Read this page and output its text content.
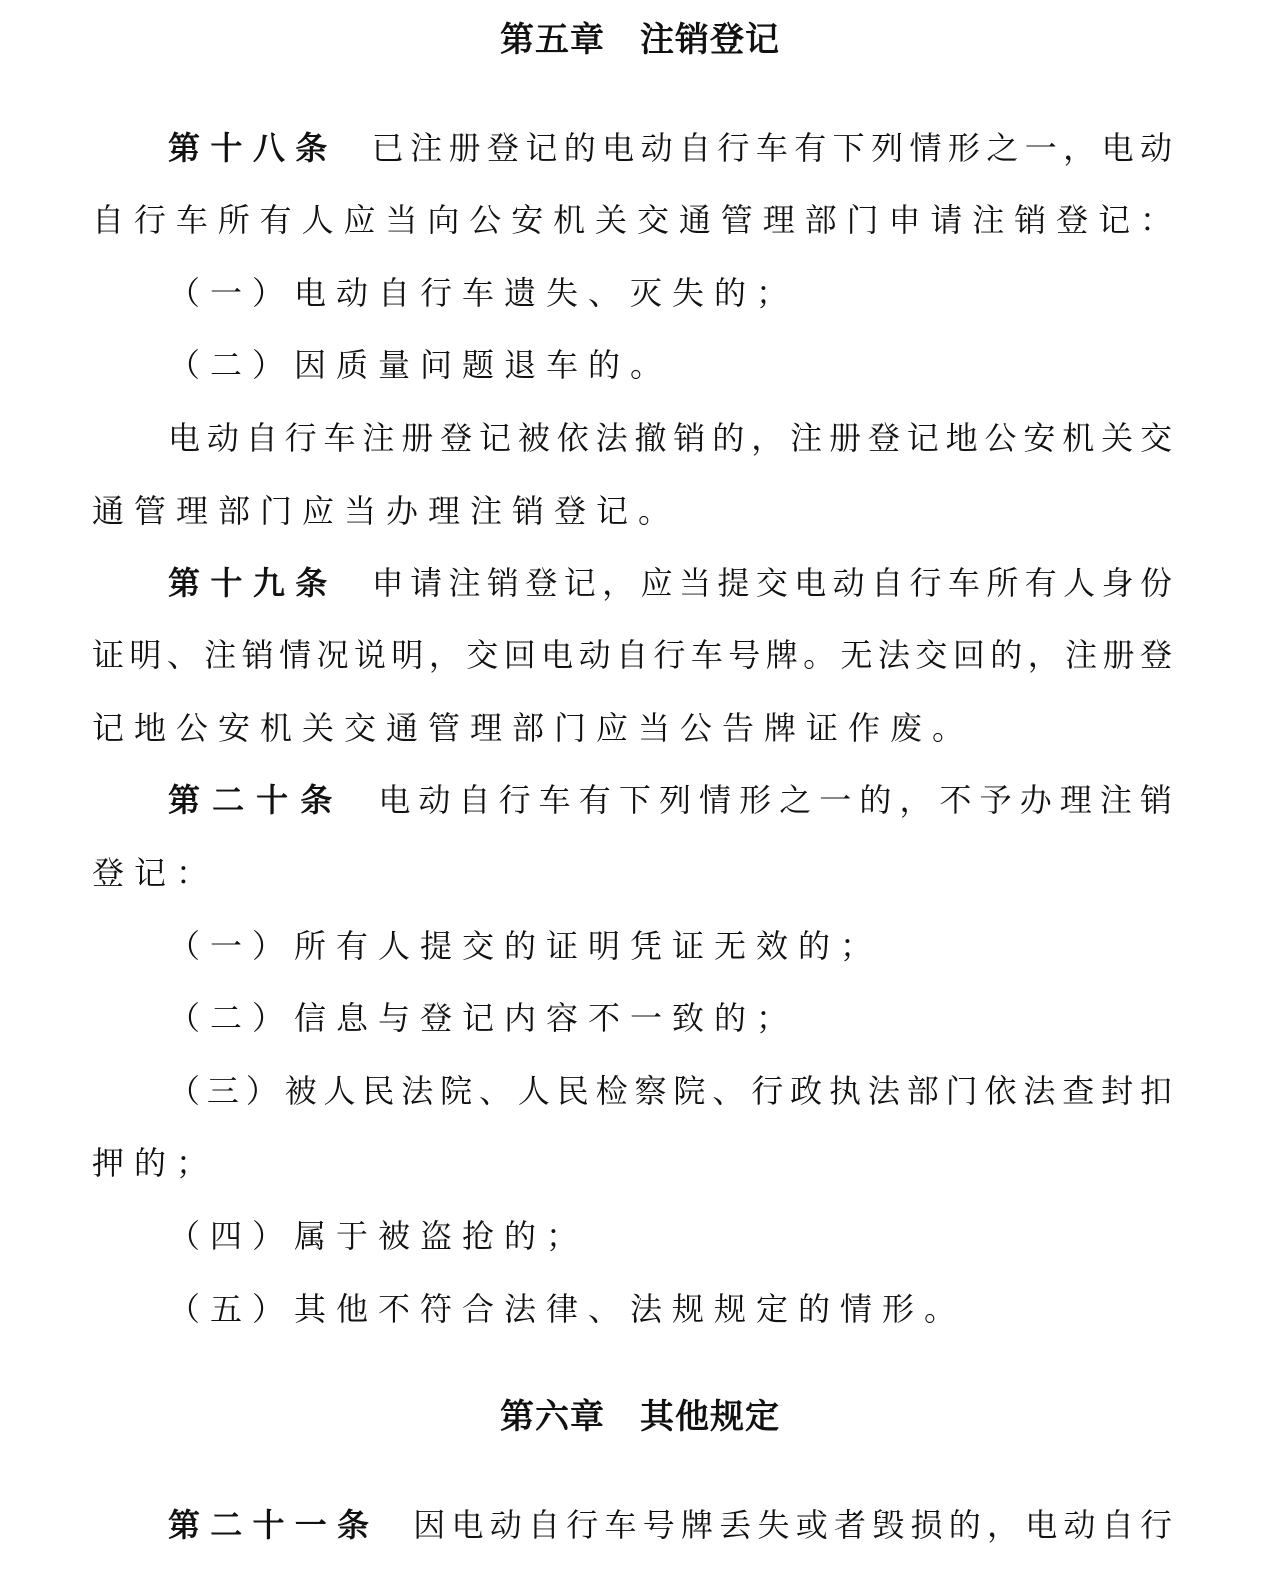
第五章　注销登记
第十八条 已注册登记的电动自行车有下列情形之一，电动
自行车所有人应当向公安机关交通管理部门申请注销登记：
（一）电动自行车遗失、灭失的；
（二）因质量问题退车的。
电动自行车注册登记被依法撤销的，注册登记地公安机关交
通管理部门应当办理注销登记。
第十九条 申请注销登记，应当提交电动自行车所有人身份
证明、注销情况说明，交回电动自行车号牌。无法交回的，注册登
记地公安机关交通管理部门应当公告牌证作废。
第二十条 电动自行车有下列情形之一的，不予办理注销
登记：
（一）所有人提交的证明凭证无效的；
（二）信息与登记内容不一致的；
（三）被人民法院、人民检察院、行政执法部门依法查封扣
押的；
（四）属于被盗抢的；
（五）其他不符合法律、法规规定的情形。
第六章　其他规定
第二十一条 因电动自行车号牌丢失或者毁损的，电动自行
